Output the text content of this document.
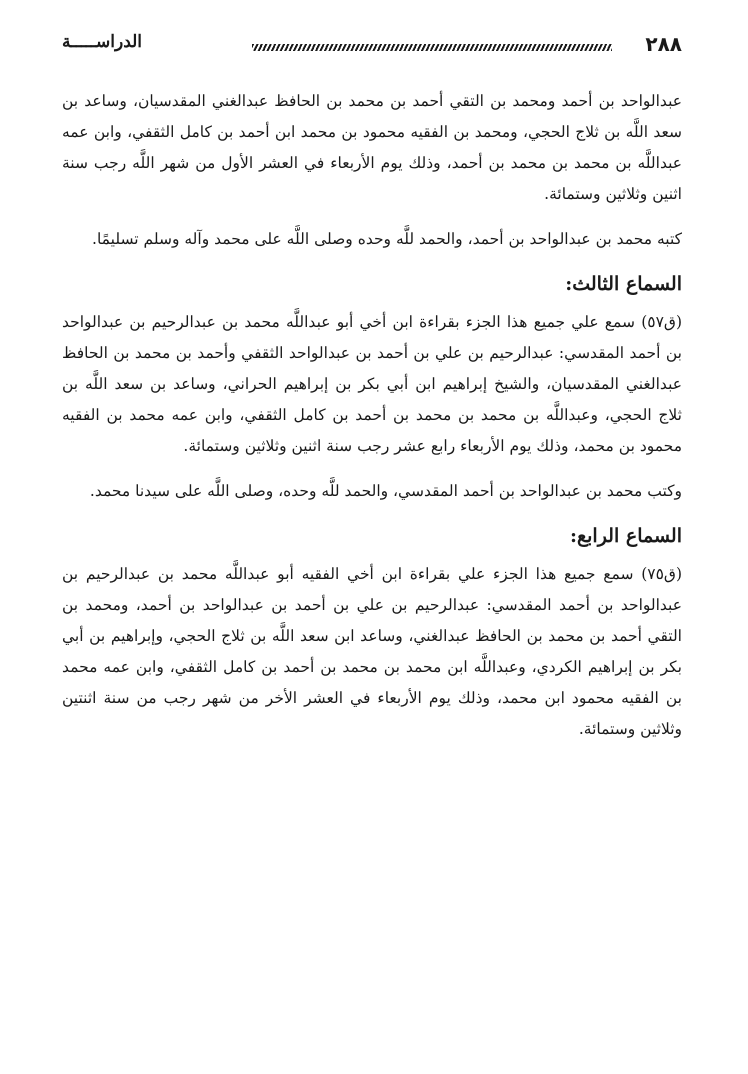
الدراســـــة	٢٨٨

عبدالواحد بن أحمد ومحمد بن التقي أحمد بن محمد بن الحافظ عبدالغني المقدسيان، وساعد بن سعد اللَّه بن ثلاج الحجي، ومحمد بن الفقيه محمود بن محمد ابن أحمد بن كامل الثقفي، وابن عمه عبداللَّه بن محمد بن محمد بن أحمد، وذلك يوم الأربعاء في العشر الأول من شهر اللَّه رجب سنة اثنين وثلاثين وستمائة.

كتبه محمد بن عبدالواحد بن أحمد، والحمد للَّه وحده وصلى اللَّه على محمد وآله وسلم تسليمًا.

السماع الثالث:

(ق٥٧) سمع علي جميع هذا الجزء بقراءة ابن أخي أبو عبداللَّه محمد بن عبدالرحيم بن عبدالواحد بن أحمد المقدسي: عبدالرحيم بن علي بن أحمد بن عبدالواحد الثقفي وأحمد بن محمد بن الحافظ عبدالغني المقدسيان، والشيخ إبراهيم ابن أبي بكر بن إبراهيم الحراني، وساعد بن سعد اللَّه بن ثلاج الحجي، وعبداللَّه بن محمد بن محمد بن أحمد بن كامل الثقفي، وابن عمه محمد بن الفقيه محمود بن محمد، وذلك يوم الأربعاء رابع عشر رجب سنة اثنين وثلاثين وستمائة.

وكتب محمد بن عبدالواحد بن أحمد المقدسي، والحمد للَّه وحده، وصلى اللَّه على سيدنا محمد.

السماع الرابع:

(ق٧٥) سمع جميع هذا الجزء علي بقراءة ابن أخي الفقيه أبو عبداللَّه محمد بن عبدالرحيم بن عبدالواحد بن أحمد المقدسي: عبدالرحيم بن علي بن أحمد بن عبدالواحد بن أحمد، ومحمد بن التقي أحمد بن محمد بن الحافظ عبدالغني، وساعد ابن سعد اللَّه بن ثلاج الحجي، وإبراهيم بن أبي بكر بن إبراهيم الكردي، وعبداللَّه ابن محمد بن محمد بن أحمد بن كامل الثقفي، وابن عمه محمد بن الفقيه محمود ابن محمد، وذلك يوم الأربعاء في العشر الأخر من شهر رجب من سنة اثنتين وثلاثين وستمائة.
